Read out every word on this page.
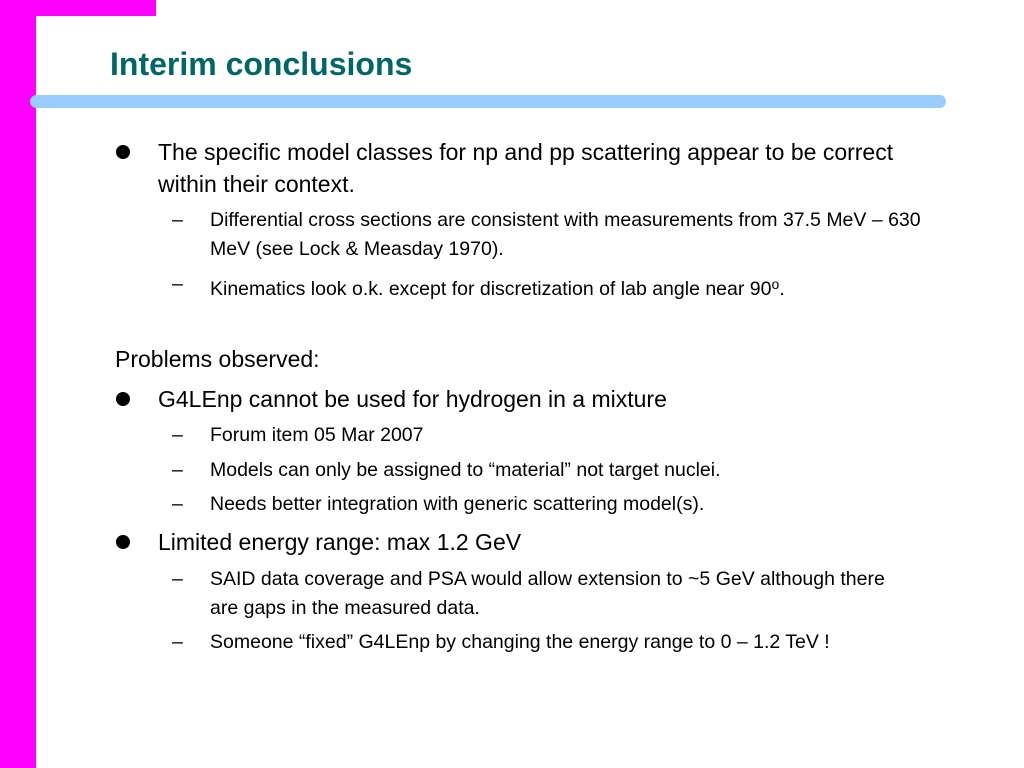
Interim conclusions
The specific model classes for np and pp scattering appear to be correct within their context.
– Differential cross sections are consistent with measurements from 37.5 MeV – 630 MeV (see Lock & Measday 1970).
– Kinematics look o.k. except for discretization of lab angle near 90$^o$.
Problems observed:
G4LEnp cannot be used for hydrogen in a mixture
– Forum item 05 Mar 2007
– Models can only be assigned to “material” not target nuclei.
– Needs better integration with generic scattering model(s).
Limited energy range: max 1.2 GeV
– SAID data coverage and PSA would allow extension to ~5 GeV although there are gaps in the measured data.
– Someone “fixed” G4LEnp by changing the energy range to 0 – 1.2 TeV !
